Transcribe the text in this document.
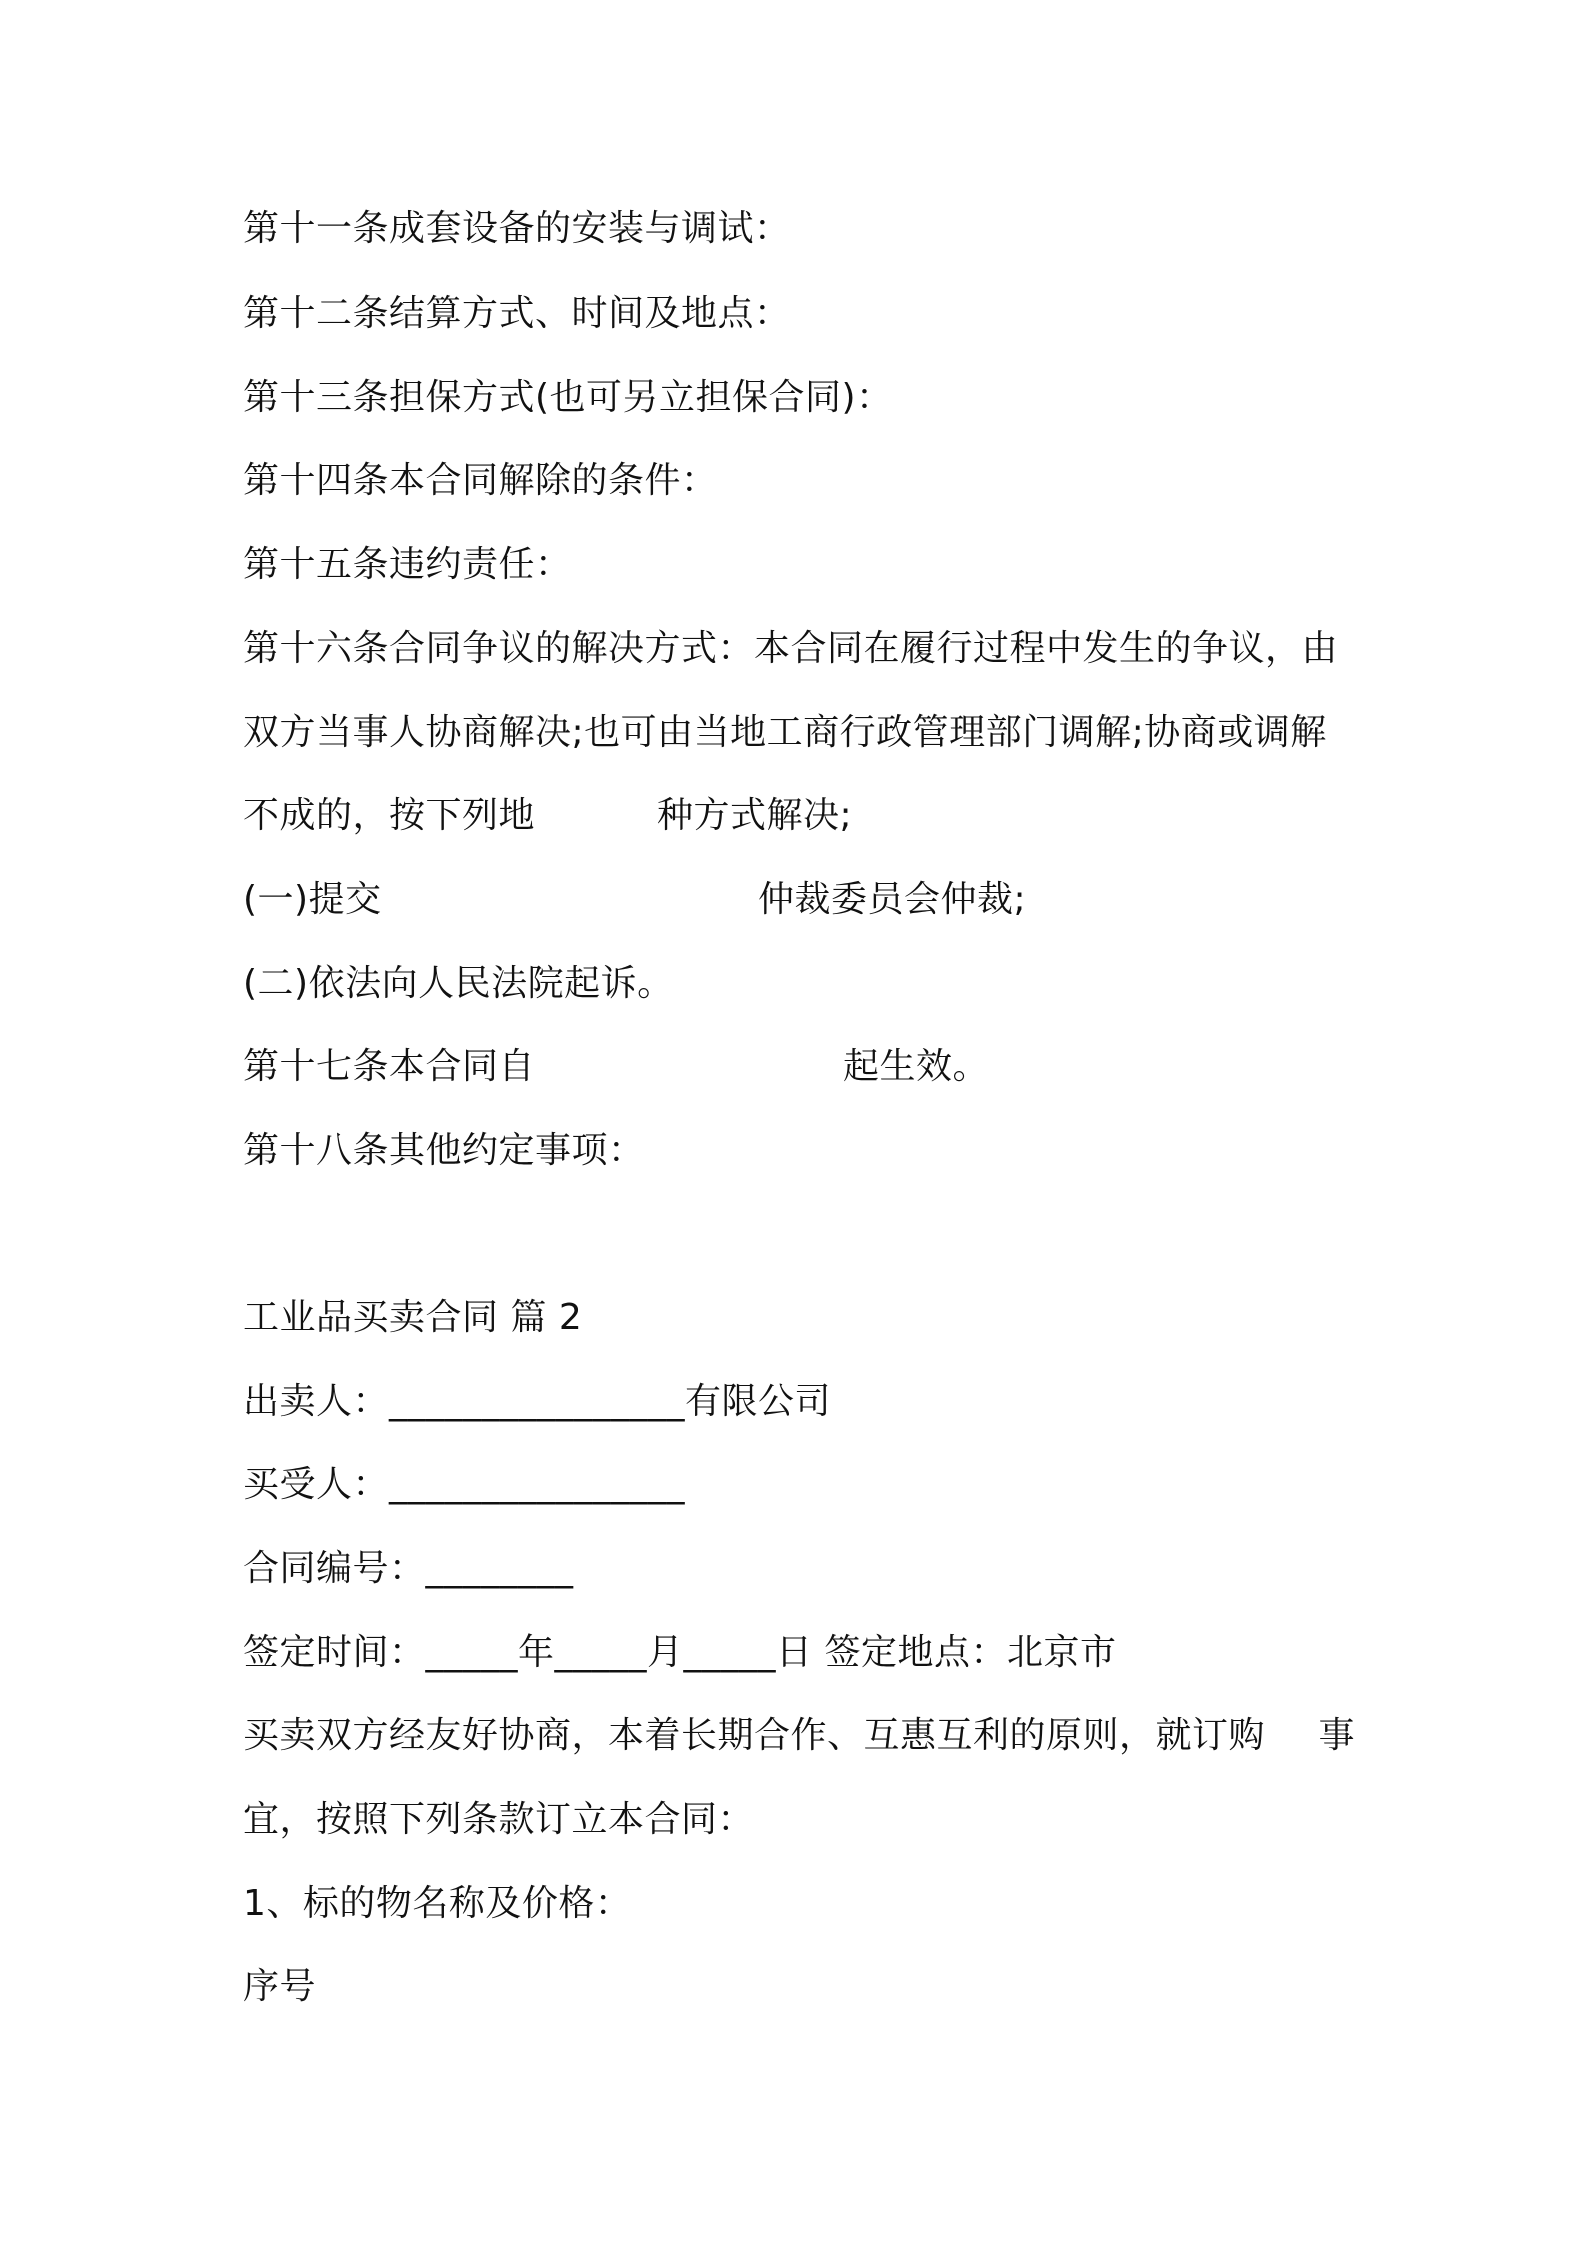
第十一条成套设备的安装与调试：
第十二条结算方式、时间及地点：
第十三条担保方式(也可另立担保合同)：
第十四条本合同解除的条件：
第十五条违约责任：
第十六条合同争议的解决方式：本合同在履行过程中发生的争议，由
双方当事人协商解决;也可由当地工商行政管理部门调解;协商或调解
不成的，按下列地	种方式解决;
(一)提交	仲裁委员会仲裁;
(二)依法向人民法院起诉。
第十七条本合同自	起生效。
第十八条其他约定事项：
工业品买卖合同 篇 2
出卖人：________________有限公司
买受人：________________
合同编号：________
签定时间：_____年_____月_____日 签定地点：北京市
买卖双方经友好协商，本着长期合作、互惠互利的原则，就订购 事
宜，按照下列条款订立本合同：
1、标的物名称及价格：
序号
